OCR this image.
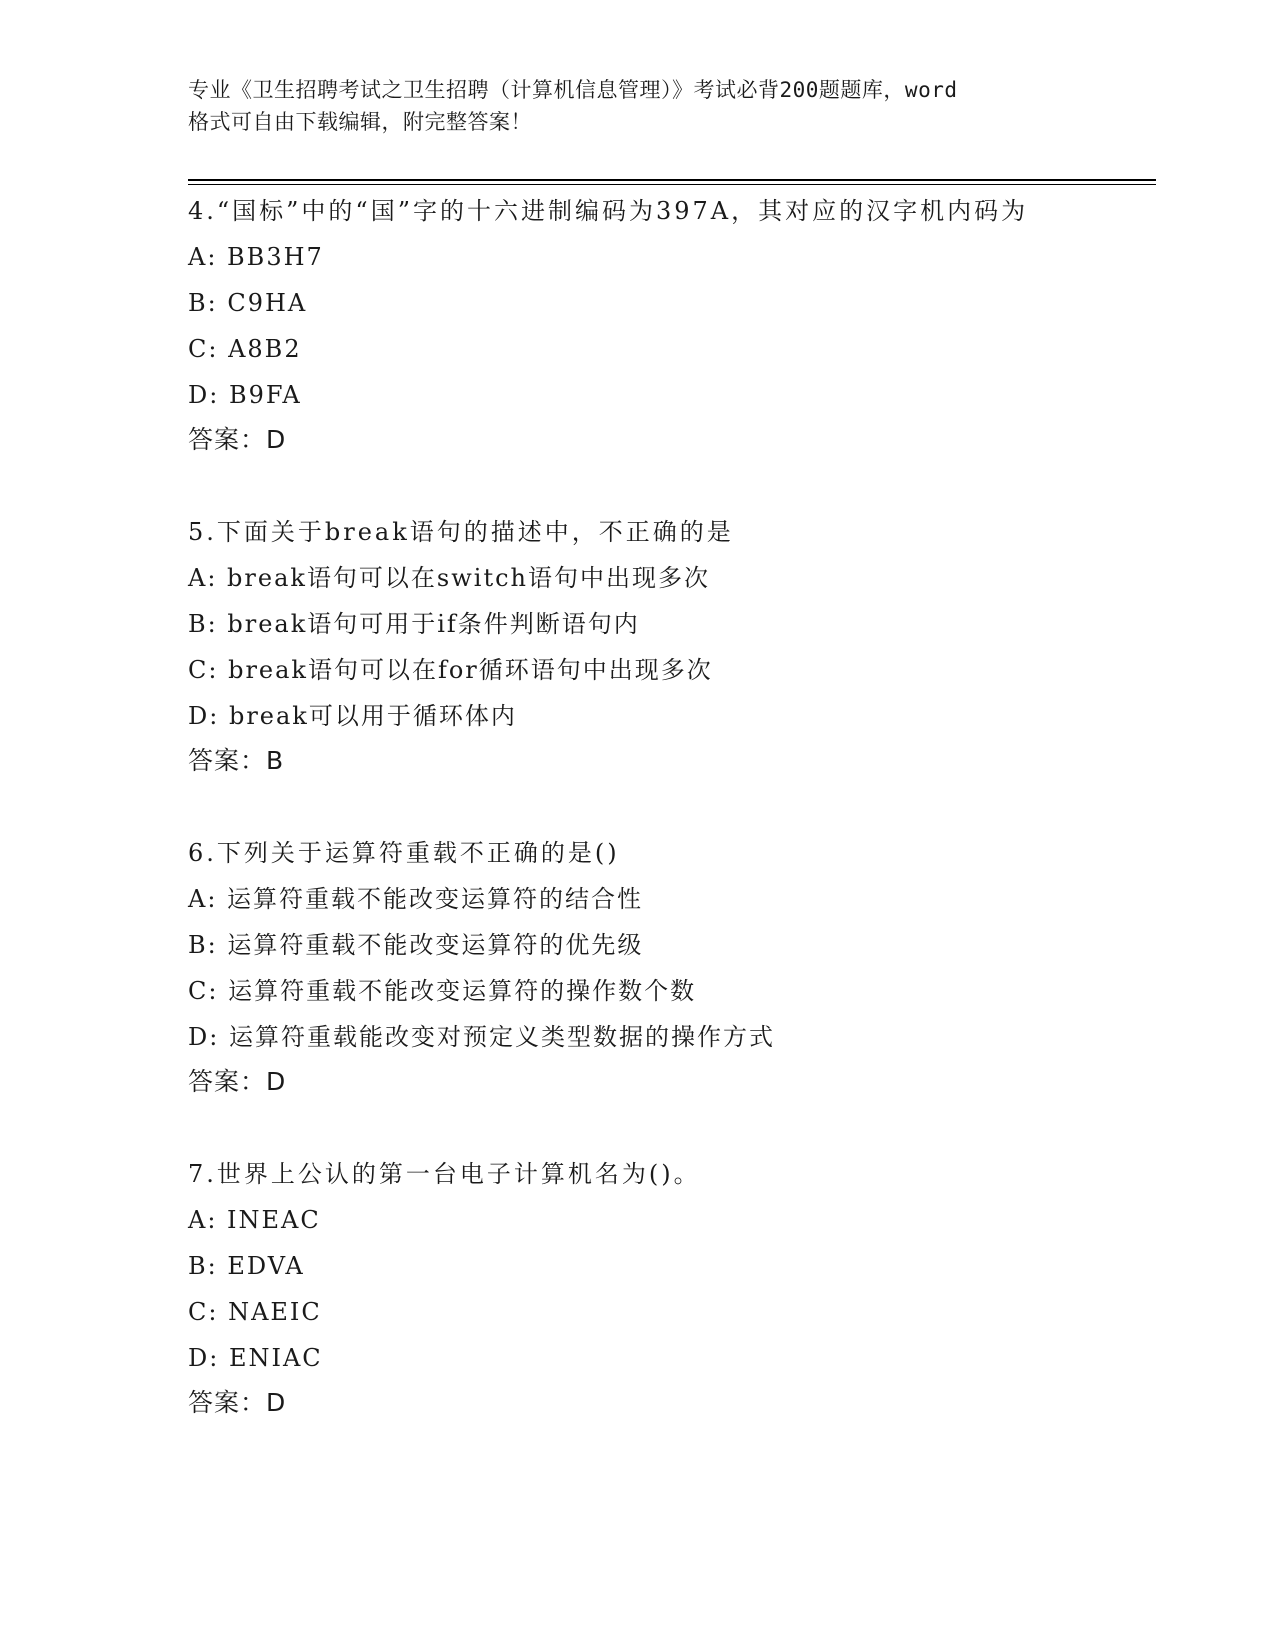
专业《卫生招聘考试之卫生招聘（计算机信息管理）》考试必背200题题库，word
格式可自由下载编辑，附完整答案！
4.“国标”中的“国”字的十六进制编码为397A，其对应的汉字机内码为
A: BB3H7
B: C9HA
C: A8B2
D: B9FA
答案：D
5.下面关于break语句的描述中，不正确的是
A: break语句可以在switch语句中出现多次
B: break语句可用于if条件判断语句内
C: break语句可以在for循环语句中出现多次
D: break可以用于循环体内
答案：B
6.下列关于运算符重载不正确的是()
A: 运算符重载不能改变运算符的结合性
B: 运算符重载不能改变运算符的优先级
C: 运算符重载不能改变运算符的操作数个数
D: 运算符重载能改变对预定义类型数据的操作方式
答案：D
7.世界上公认的第一台电子计算机名为()。
A: INEAC
B: EDVA
C: NAEIC
D: ENIAC
答案：D
